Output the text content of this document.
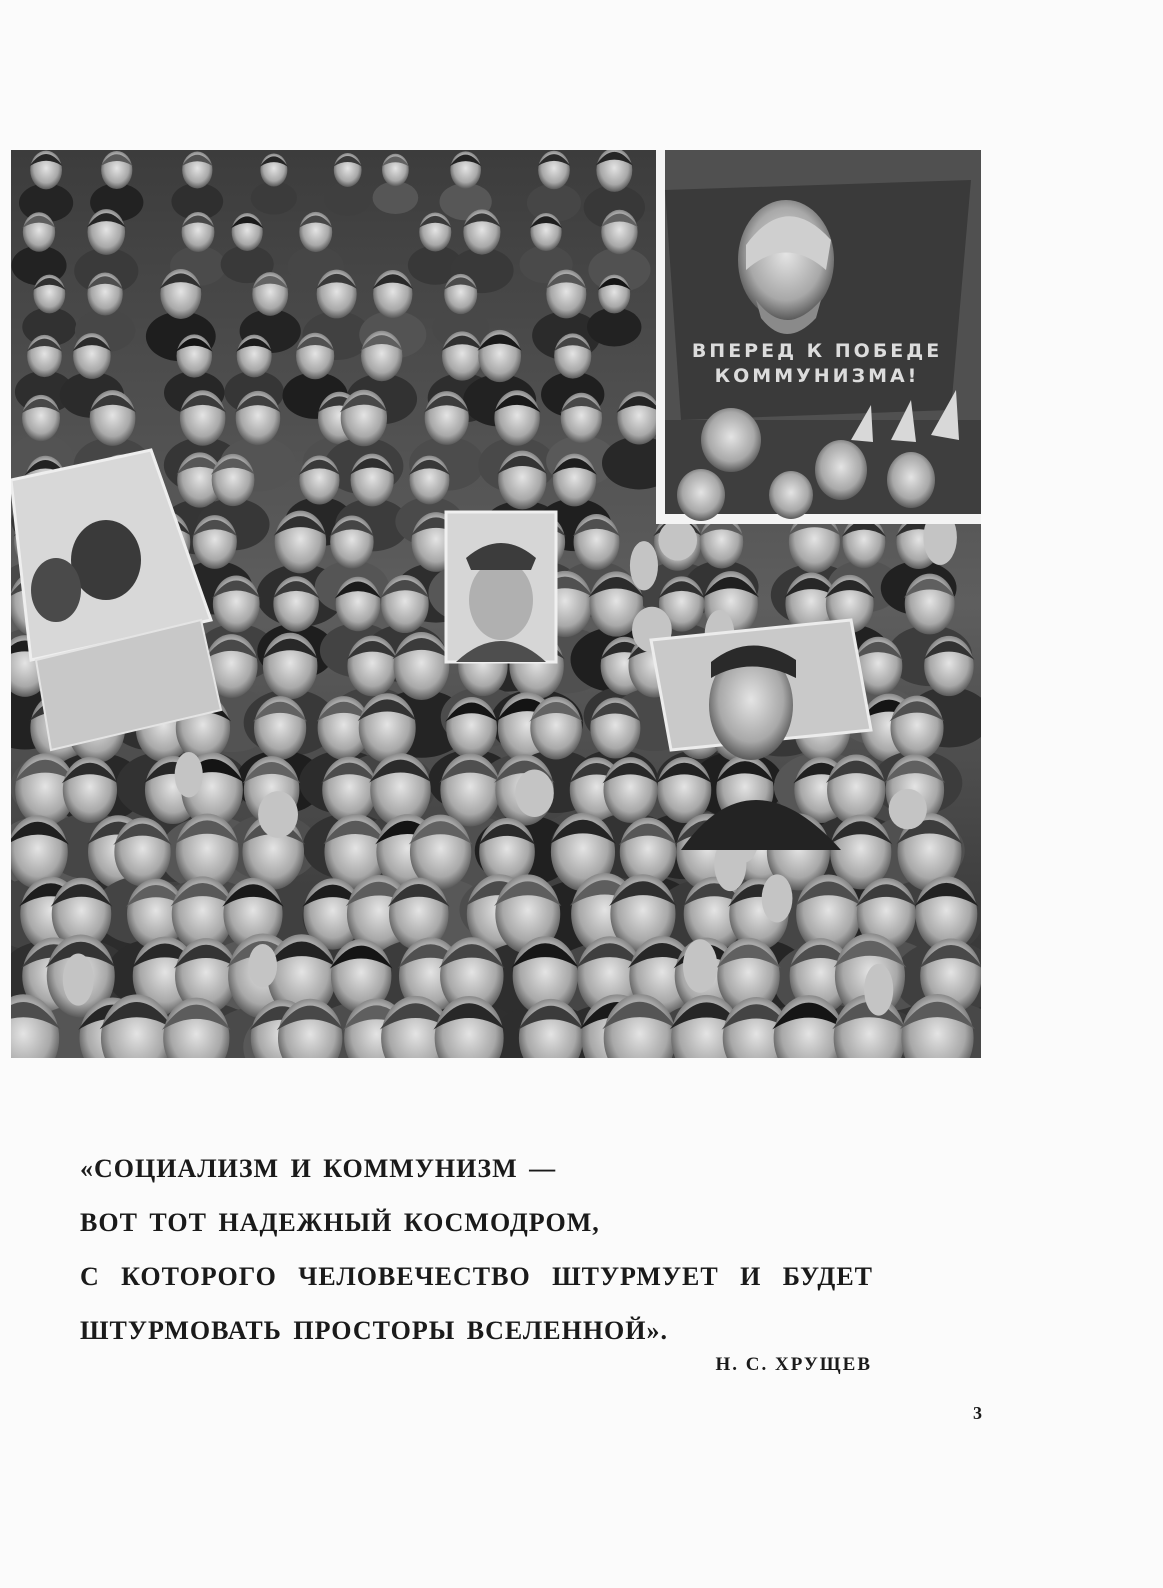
ВПЕРЕД К ПОБЕДЕ
КОММУНИЗМА!
«СОЦИАЛИЗМ И КОММУНИЗМ —
ВОТ ТОТ НАДЕЖНЫЙ КОСМОДРОМ,
С КОТОРОГО ЧЕЛОВЕЧЕСТВО ШТУРМУЕТ И БУДЕТ
ШТУРМОВАТЬ ПРОСТОРЫ ВСЕЛЕННОЙ».
Н. С. ХРУЩЕВ
3
